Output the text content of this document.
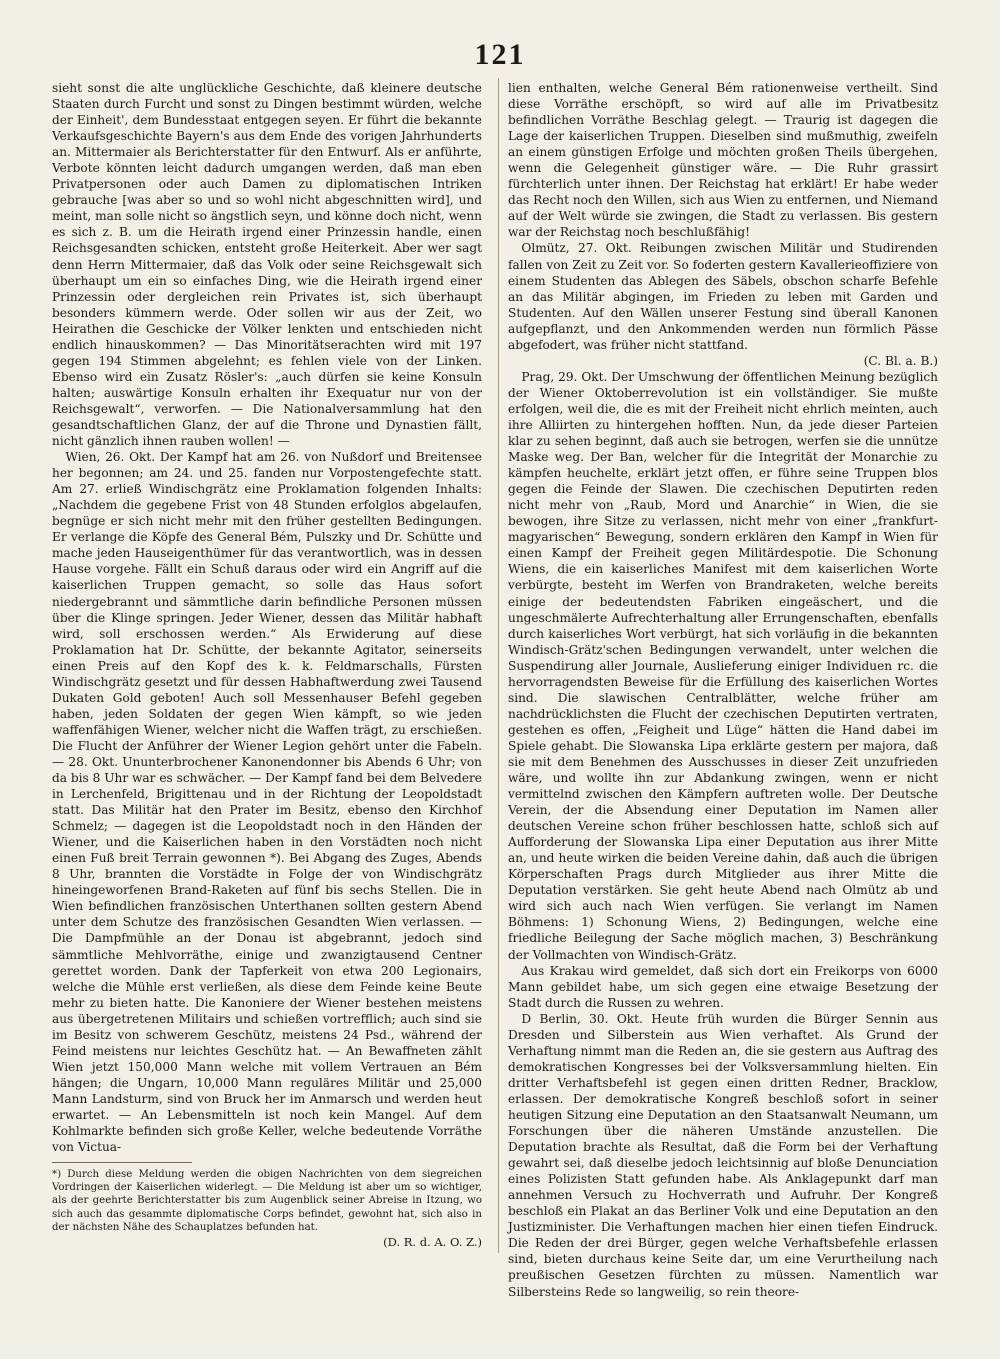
121

sieht sonst die alte unglückliche Geschichte, daß kleinere deutsche Staaten durch Furcht und sonst zu Dingen bestimmt würden, welche der Einheit', dem Bundesstaat entgegen seyen. Er führt die bekannte Verkaufsgeschichte Bayern's aus dem Ende des vorigen Jahrhunderts an. Mittermaier als Berichterstatter für den Entwurf. Als er anführte, Verbote könnten leicht dadurch umgangen werden, daß man eben Privatpersonen oder auch Damen zu diplomatischen Intriken gebrauche [was aber so und so wohl nicht abgeschnitten wird], und meint, man solle nicht so ängstlich seyn, und könne doch nicht, wenn es sich z. B. um die Heirath irgend einer Prinzessin handle, einen Reichsgesandten schicken, entsteht große Heiterkeit. Aber wer sagt denn Herrn Mittermaier, daß das Volk oder seine Reichsgewalt sich überhaupt um ein so einfaches Ding, wie die Heirath irgend einer Prinzessin oder dergleichen rein Privates ist, sich überhaupt besonders kümmern werde. Oder sollen wir aus der Zeit, wo Heirathen die Geschicke der Völker lenkten und entschieden nicht endlich hinauskommen? — Das Minoritätserachten wird mit 197 gegen 194 Stimmen abgelehnt; es fehlen viele von der Linken. Ebenso wird ein Zusatz Rösler's: „auch dürfen sie keine Konsuln halten; auswärtige Konsuln erhalten ihr Exequatur nur von der Reichsgewalt“, verworfen. — Die Nationalversammlung hat den gesandtschaftlichen Glanz, der auf die Throne und Dynastien fällt, nicht gänzlich ihnen rauben wollen! —

Wien, 26. Okt. Der Kampf hat am 26. von Nußdorf und Breitensee her begonnen; am 24. und 25. fanden nur Vorpostengefechte statt. Am 27. erließ Windischgrätz eine Proklamation folgenden Inhalts: „Nachdem die gegebene Frist von 48 Stunden erfolglos abgelaufen, begnüge er sich nicht mehr mit den früher gestellten Bedingungen. Er verlange die Köpfe des General Bém, Pulszky und Dr. Schütte und mache jeden Hauseigenthümer für das verantwortlich, was in dessen Hause vorgehe. Fällt ein Schuß daraus oder wird ein Angriff auf die kaiserlichen Truppen gemacht, so solle das Haus sofort niedergebrannt und sämmtliche darin befindliche Personen müssen über die Klinge springen. Jeder Wiener, dessen das Militär habhaft wird, soll erschossen werden.“ Als Erwiderung auf diese Proklamation hat Dr. Schütte, der bekannte Agitator, seinerseits einen Preis auf den Kopf des k. k. Feldmarschalls, Fürsten Windischgrätz gesetzt und für dessen Habhaftwerdung zwei Tausend Dukaten Gold geboten! Auch soll Messenhauser Befehl gegeben haben, jeden Soldaten der gegen Wien kämpft, so wie jeden waffenfähigen Wiener, welcher nicht die Waffen trägt, zu erschießen. Die Flucht der Anführer der Wiener Legion gehört unter die Fabeln. — 28. Okt. Ununterbrochener Kanonendonner bis Abends 6 Uhr; von da bis 8 Uhr war es schwächer. — Der Kampf fand bei dem Belvedere in Lerchenfeld, Brigittenau und in der Richtung der Leopoldstadt statt. Das Militär hat den Prater im Besitz, ebenso den Kirchhof Schmelz; — dagegen ist die Leopoldstadt noch in den Händen der Wiener, und die Kaiserlichen haben in den Vorstädten noch nicht einen Fuß breit Terrain gewonnen *). Bei Abgang des Zuges, Abends 8 Uhr, brannten die Vorstädte in Folge der von Windischgrätz hineingeworfenen Brand-Raketen auf fünf bis sechs Stellen. Die in Wien befindlichen französischen Unterthanen sollten gestern Abend unter dem Schutze des französischen Gesandten Wien verlassen. — Die Dampfmühle an der Donau ist abgebrannt, jedoch sind sämmtliche Mehlvorräthe, einige und zwanzigtausend Centner gerettet worden. Dank der Tapferkeit von etwa 200 Legionairs, welche die Mühle erst verließen, als diese dem Feinde keine Beute mehr zu bieten hatte. Die Kanoniere der Wiener bestehen meistens aus übergetretenen Militairs und schießen vortrefflich; auch sind sie im Besitz von schwerem Geschütz, meistens 24 Psd., während der Feind meistens nur leichtes Geschütz hat. — An Bewaffneten zählt Wien jetzt 150,000 Mann welche mit vollem Vertrauen an Bém hängen; die Ungarn, 10,000 Mann reguläres Militär und 25,000 Mann Landsturm, sind von Bruck her im Anmarsch und werden heut erwartet. — An Lebensmitteln ist noch kein Mangel. Auf dem Kohlmarkte befinden sich große Keller, welche bedeutende Vorräthe von Victua-

*) Durch diese Meldung werden die obigen Nachrichten von dem siegreichen Vordringen der Kaiserlichen widerlegt. — Die Meldung ist aber um so wichtiger, als der geehrte Berichterstatter bis zum Augenblick seiner Abreise in Itzung, wo sich auch das gesammte diplomatische Corps befindet, gewohnt hat, sich also in der nächsten Nähe des Schauplatzes befunden hat.
(D. R. d. A. O. Z.)

lien enthalten, welche General Bém rationenweise vertheilt. Sind diese Vorräthe erschöpft, so wird auf alle im Privatbesitz befindlichen Vorräthe Beschlag gelegt. — Traurig ist dagegen die Lage der kaiserlichen Truppen. Dieselben sind mußmuthig, zweifeln an einem günstigen Erfolge und möchten großen Theils übergehen, wenn die Gelegenheit günstiger wäre. — Die Ruhr grassirt fürchterlich unter ihnen. Der Reichstag hat erklärt! Er habe weder das Recht noch den Willen, sich aus Wien zu entfernen, und Niemand auf der Welt würde sie zwingen, die Stadt zu verlassen. Bis gestern war der Reichstag noch beschlußfähig!

Olmütz, 27. Okt. Reibungen zwischen Militär und Studirenden fallen von Zeit zu Zeit vor. So foderten gestern Kavallerieoffiziere von einem Studenten das Ablegen des Säbels, obschon scharfe Befehle an das Militär abgingen, im Frieden zu leben mit Garden und Studenten. Auf den Wällen unserer Festung sind überall Kanonen aufgepflanzt, und den Ankommenden werden nun förmlich Pässe abgefodert, was früher nicht stattfand.

(C. Bl. a. B.)

Prag, 29. Okt. Der Umschwung der öffentlichen Meinung bezüglich der Wiener Oktoberrevolution ist ein vollständiger. Sie mußte erfolgen, weil die, die es mit der Freiheit nicht ehrlich meinten, auch ihre Alliirten zu hintergehen hofften. Nun, da jede dieser Parteien klar zu sehen beginnt, daß auch sie betrogen, werfen sie die unnütze Maske weg. Der Ban, welcher für die Integrität der Monarchie zu kämpfen heuchelte, erklärt jetzt offen, er führe seine Truppen blos gegen die Feinde der Slawen. Die czechischen Deputirten reden nicht mehr von „Raub, Mord und Anarchie“ in Wien, die sie bewogen, ihre Sitze zu verlassen, nicht mehr von einer „frankfurt-magyarischen“ Bewegung, sondern erklären den Kampf in Wien für einen Kampf der Freiheit gegen Militärdespotie. Die Schonung Wiens, die ein kaiserliches Manifest mit dem kaiserlichen Worte verbürgte, besteht im Werfen von Brandraketen, welche bereits einige der bedeutendsten Fabriken eingeäschert, und die ungeschmälerte Aufrechterhaltung aller Errungenschaften, ebenfalls durch kaiserliches Wort verbürgt, hat sich vorläufig in die bekannten Windisch-Grätz'schen Bedingungen verwandelt, unter welchen die Suspendirung aller Journale, Auslieferung einiger Individuen rc. die hervorragendsten Beweise für die Erfüllung des kaiserlichen Wortes sind. Die slawischen Centralblätter, welche früher am nachdrücklichsten die Flucht der czechischen Deputirten vertraten, gestehen es offen, „Feigheit und Lüge“ hätten die Hand dabei im Spiele gehabt. Die Slowanska Lipa erklärte gestern per majora, daß sie mit dem Benehmen des Ausschusses in dieser Zeit unzufrieden wäre, und wollte ihn zur Abdankung zwingen, wenn er nicht vermittelnd zwischen den Kämpfern auftreten wolle. Der Deutsche Verein, der die Absendung einer Deputation im Namen aller deutschen Vereine schon früher beschlossen hatte, schloß sich auf Aufforderung der Slowanska Lipa einer Deputation aus ihrer Mitte an, und heute wirken die beiden Vereine dahin, daß auch die übrigen Körperschaften Prags durch Mitglieder aus ihrer Mitte die Deputation verstärken. Sie geht heute Abend nach Olmütz ab und wird sich auch nach Wien verfügen. Sie verlangt im Namen Böhmens: 1) Schonung Wiens, 2) Bedingungen, welche eine friedliche Beilegung der Sache möglich machen, 3) Beschränkung der Vollmachten von Windisch-Grätz.

Aus Krakau wird gemeldet, daß sich dort ein Freikorps von 6000 Mann gebildet habe, um sich gegen eine etwaige Besetzung der Stadt durch die Russen zu wehren.

D Berlin, 30. Okt. Heute früh wurden die Bürger Sennin aus Dresden und Silberstein aus Wien verhaftet. Als Grund der Verhaftung nimmt man die Reden an, die sie gestern aus Auftrag des demokratischen Kongresses bei der Volksversammlung hielten. Ein dritter Verhaftsbefehl ist gegen einen dritten Redner, Bracklow, erlassen. Der demokratische Kongreß beschloß sofort in seiner heutigen Sitzung eine Deputation an den Staatsanwalt Neumann, um Forschungen über die näheren Umstände anzustellen. Die Deputation brachte als Resultat, daß die Form bei der Verhaftung gewahrt sei, daß dieselbe jedoch leichtsinnig auf bloße Denunciation eines Polizisten Statt gefunden habe. Als Anklagepunkt darf man annehmen Versuch zu Hochverrath und Aufruhr. Der Kongreß beschloß ein Plakat an das Berliner Volk und eine Deputation an den Justizminister. Die Verhaftungen machen hier einen tiefen Eindruck. Die Reden der drei Bürger, gegen welche Verhaftsbefehle erlassen sind, bieten durchaus keine Seite dar, um eine Verurtheilung nach preußischen Gesetzen fürchten zu müssen. Namentlich war Silbersteins Rede so langweilig, so rein theore-
